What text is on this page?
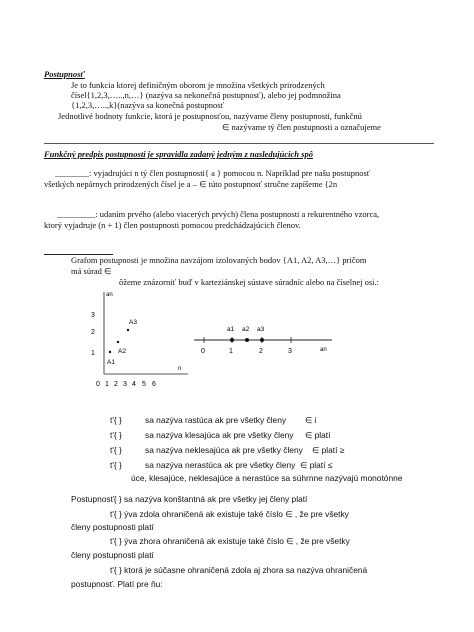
Postupnosť
Je to funkcia ktorej definičným oborom je množina všetkých prirodzených
čísel{1,2,3,…..,n,…} (nazýva sa nekonečná postupnosť), alebo jej podmnožina
{1,2,3,…..,k}(nazýva sa konečná postupnosť
Jednotlivé hodnoty funkcie, ktorá je postupnosťou, nazývame členy postupnosti, funkčnú
∈ nazývame tý člen postupnosti a označujeme
Funkčný predpis postupnosti je spravidla zadaný jedným z nasledujúcich spô
________: vyjadrujúci n tý člen postupnosti{ a } pomocou n. Napríklad pre našu postupnosť
všetkých nepárnych prirodzených čísel je a – ∈ túto postupnosť stručne zapíšeme {2n
_________: udaním prvého (alebo viacerých prvých) člena postupnosti a rekurentného vzorca,
ktorý vyjadruje (n + 1) člen postupnosti pomocou predchádzajúcich členov.
Grafom postupnosti je množina navzájom izolovaných bodov {A1, A2, A3,…} pričom
má súrad ∈
ôžeme znázorniť buď v karteziánskej sústave súradníc alebo na číselnej osi.:
an
n
3
2
1
0 1 2 3 4 5 6
A1
A2
A3
0	1	2	3	an
a1 a2 a3
t'{ }	sa nazýva rastúca ak pre všetky členy ∈ i
t'{ }	sa nazýva klesajúca ak pre všetky členy ∈ platí
t'{ }	sa nazýva neklesajúca ak pre všetky členy ∈ platí ≥
t'{ }	sa nazýva nerastúca ak pre všetky členy ∈ platí ≤
úce, klesajúce, neklesajúce a nerastúce sa súhrnne nazývajú monotónne
Postupnosť{ } sa nazýva konštantná ak pre všetky jej členy platí
t'{ } ýva zdola ohraničená ak existuje také číslo ∈ , že pre všetky
členy postupnosti platí
t'{ } ýva zhora ohraničená ak existuje také číslo ∈ , že pre všetky
členy postupnosti platí
t'{ } ktorá je súčasne ohraničená zdola aj zhora sa nazýva ohraničená
postupnosť. Platí pre ňu:
